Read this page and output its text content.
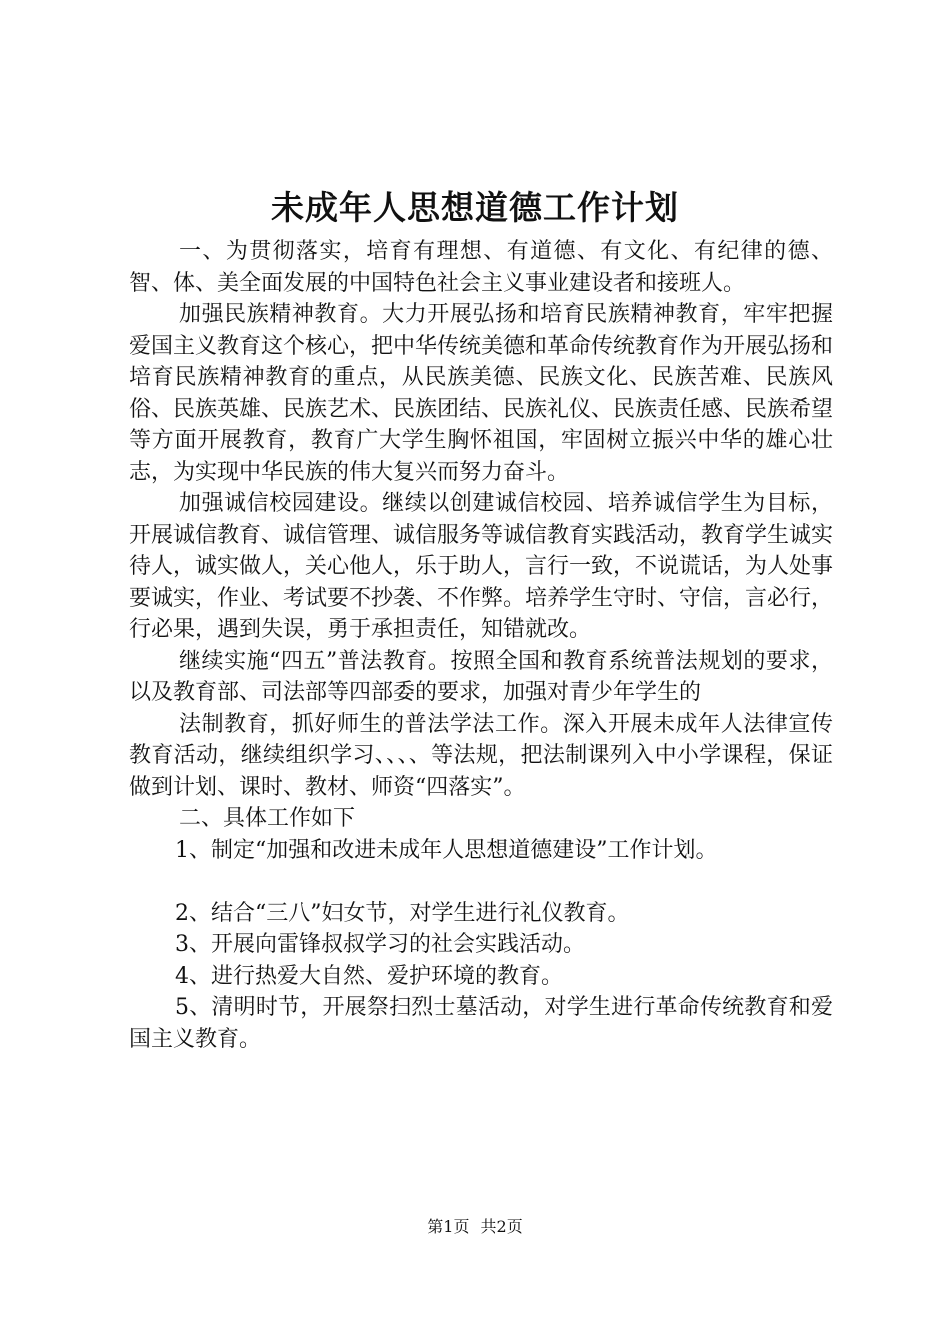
未成年人思想道德工作计划

一、为贯彻落实，培育有理想、有道德、有文化、有纪律的德、智、体、美全面发展的中国特色社会主义事业建设者和接班人。

加强民族精神教育。大力开展弘扬和培育民族精神教育，牢牢把握爱国主义教育这个核心，把中华传统美德和革命传统教育作为开展弘扬和培育民族精神教育的重点，从民族美德、民族文化、民族苦难、民族风俗、民族英雄、民族艺术、民族团结、民族礼仪、民族责任感、民族希望等方面开展教育，教育广大学生胸怀祖国，牢固树立振兴中华的雄心壮志，为实现中华民族的伟大复兴而努力奋斗。

加强诚信校园建设。继续以创建诚信校园、培养诚信学生为目标，开展诚信教育、诚信管理、诚信服务等诚信教育实践活动，教育学生诚实待人，诚实做人，关心他人，乐于助人，言行一致，不说谎话，为人处事要诚实，作业、考试要不抄袭、不作弊。培养学生守时、守信，言必行，行必果，遇到失误，勇于承担责任，知错就改。

继续实施“四五”普法教育。按照全国和教育系统普法规划的要求，以及教育部、司法部等四部委的要求，加强对青少年学生的

法制教育，抓好师生的普法学法工作。深入开展未成年人法律宣传教育活动，继续组织学习、、、、等法规，把法制课列入中小学课程，保证做到计划、课时、教材、师资“四落实”。

二、具体工作如下

1、制定“加强和改进未成年人思想道德建设”工作计划。

2、结合“三八”妇女节，对学生进行礼仪教育。

3、开展向雷锋叔叔学习的社会实践活动。

4、进行热爱大自然、爱护环境的教育。

5、清明时节，开展祭扫烈士墓活动，对学生进行革命传统教育和爱国主义教育。

第1页 共2页
